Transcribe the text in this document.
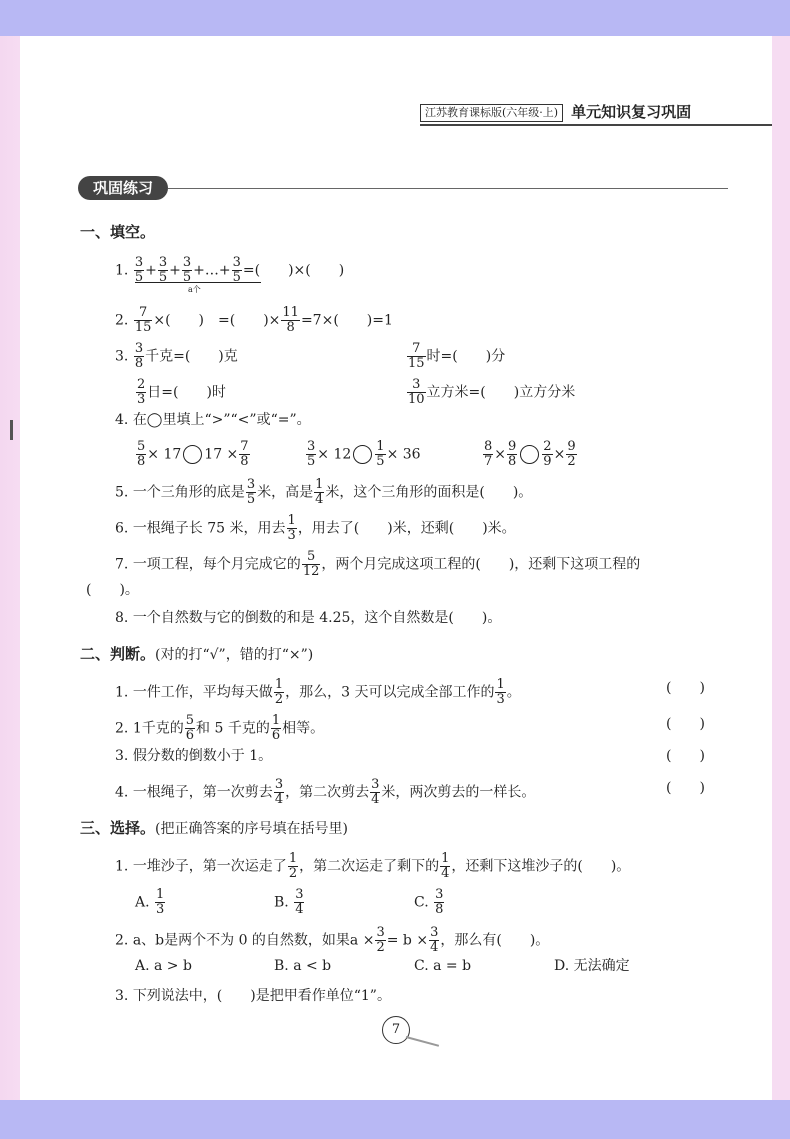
江苏教育课标版(六年级·上) 单元知识复习巩固
巩固练习
一、填空。
1. $\frac{3}{5} + \frac{3}{5} + \frac{3}{5}$ +…+ $\frac{3}{5}$ =(　　)×(　　)
a个
2. $\frac{7}{15}$ ×(　　)　=(　　)× $\frac{11}{8} =7\times$(　　)=1
3. $\frac{3}{8}$ 千克=(　　)克	$\frac{7}{15}$ 时=(　　)分
$\frac{2}{3}$ 日=(　　)时	$\frac{3}{10}$ 立方米=(　　)立方分米
4. 在◯里填上“>”“<”或“=”。
$\frac{5}{8} \times 17$ $17 \times \frac{7}{8}$	$\frac{3}{5} \times 12 \frac{1}{5} \times 36$	$\frac{8}{7} \times \frac{9}{8} \frac{2}{9} \times \frac{9}{2}$
5. 一个三角形的底是 $\frac{3}{5}$ 米，高是 $\frac{1}{4}$ 米，这个三角形的面积是(　　)。
6. 一根绳子长 75 米，用去 $\frac{1}{3}$ ，用去了(　　)米，还剩(　　)米。
7. 一项工程，每个月完成它的 $\frac{5}{12}$ ，两个月完成这项工程的(　　)，还剩下这项工程的
(　　)。
8. 一个自然数与它的倒数的和是 4.25，这个自然数是(　　)。
二、判断。(对的打“√”，错的打“×”)
1. 一件工作，平均每天做 $\frac{1}{2}$ ，那么，3 天可以完成全部工作的 $\frac{1}{3}$ 。	(　　)
2. 1千克的 $\frac{5}{6}$ 和 5 千克的 $\frac{1}{6}$ 相等。	(　　)
3. 假分数的倒数小于 1。	(　　)
4. 一根绳子，第一次剪去 $\frac{3}{4}$ ，第二次剪去 $\frac{3}{4}$ 米，两次剪去的一样长。	(　　)
三、选择。(把正确答案的序号填在括号里)
1. 一堆沙子，第一次运走了 $\frac{1}{2}$ ，第二次运走了剩下的 $\frac{1}{4}$ ，还剩下这堆沙子的(　　)。
A. $\frac{1}{3}$	B. $\frac{3}{4}$	C. $\frac{3}{8}$
2. a、b是两个不为 0 的自然数，如果$a \times \frac{3}{2} = b \times \frac{3}{4}$ ，那么有(　　)。
A. a > b	B. a < b	C. a = b	D. 无法确定
3. 下列说法中，(　　)是把甲看作单位“1”。
7
